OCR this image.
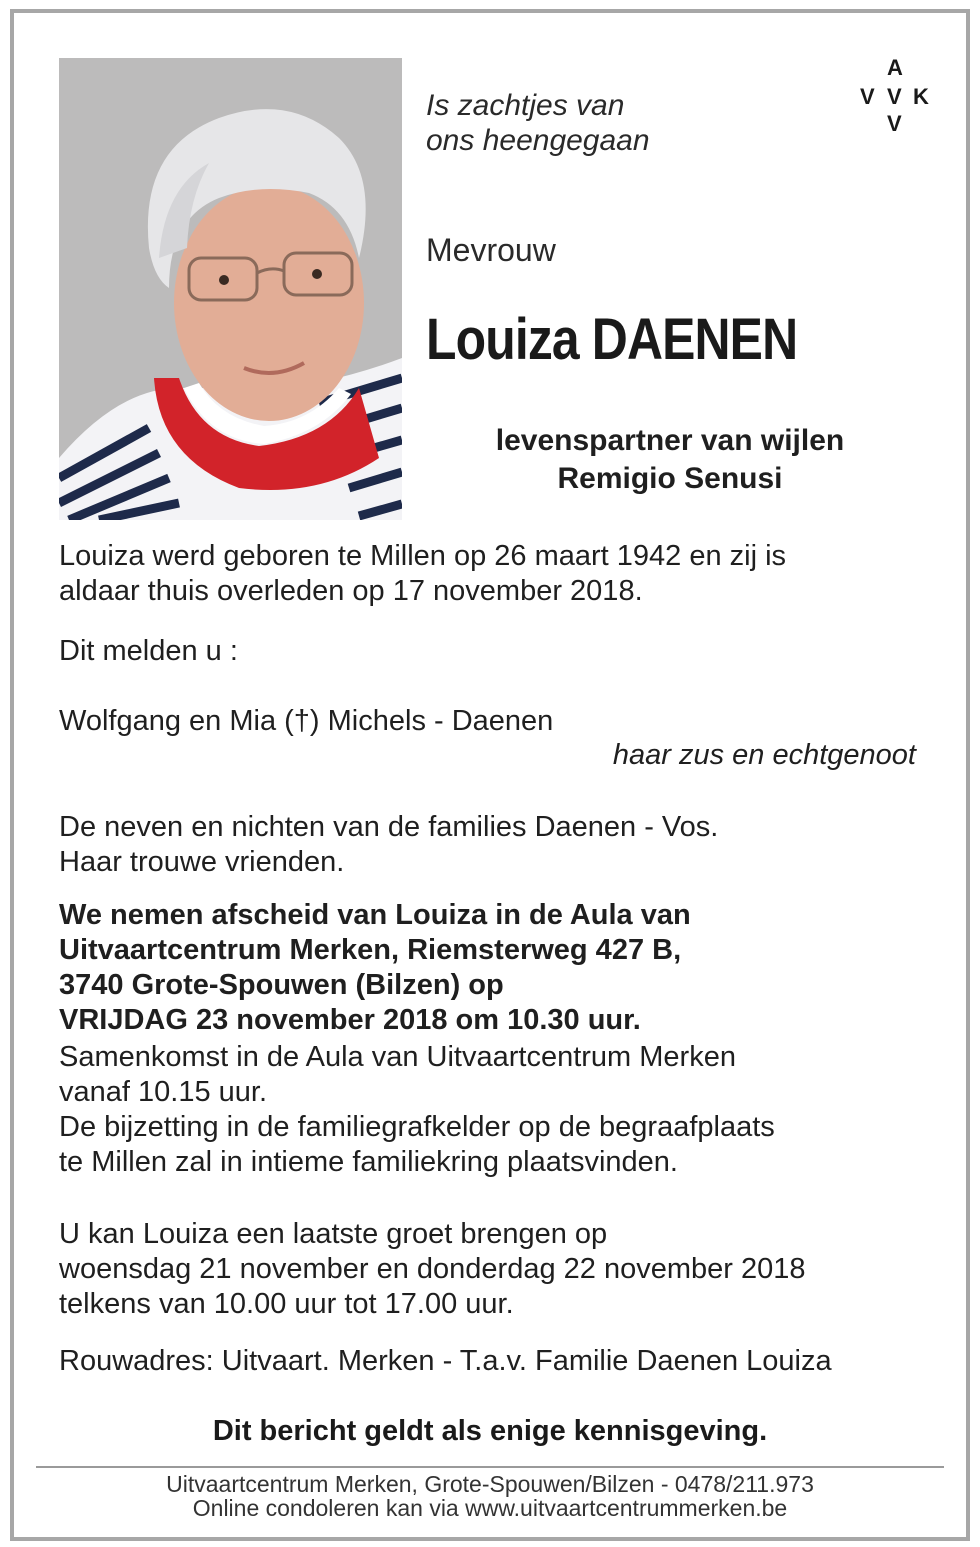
A
V V K
V

Is zachtjes van
ons heengegaan

Mevrouw

Louiza DAENEN

levenspartner van wijlen
Remigio Senusi

Louiza werd geboren te Millen op 26 maart 1942 en zij is
aldaar thuis overleden op 17 november 2018.

Dit melden u :

Wolfgang en Mia (†) Michels - Daenen

haar zus en echtgenoot

De neven en nichten van de families Daenen - Vos.
Haar trouwe vrienden.

We nemen afscheid van Louiza in de Aula van
Uitvaartcentrum Merken, Riemsterweg 427 B,
3740 Grote-Spouwen (Bilzen) op
VRIJDAG 23 november 2018 om 10.30 uur.

Samenkomst in de Aula van Uitvaartcentrum Merken
vanaf 10.15 uur.
De bijzetting in de familiegrafkelder op de begraafplaats
te Millen zal in intieme familiekring plaatsvinden.

U kan Louiza een laatste groet brengen op
woensdag 21 november en donderdag 22 november 2018
telkens van 10.00 uur tot 17.00 uur.

Rouwadres: Uitvaart. Merken - T.a.v. Familie Daenen Louiza

Dit bericht geldt als enige kennisgeving.

Uitvaartcentrum Merken, Grote-Spouwen/Bilzen - 0478/211.973

Online condoleren kan via www.uitvaartcentrummerken.be
